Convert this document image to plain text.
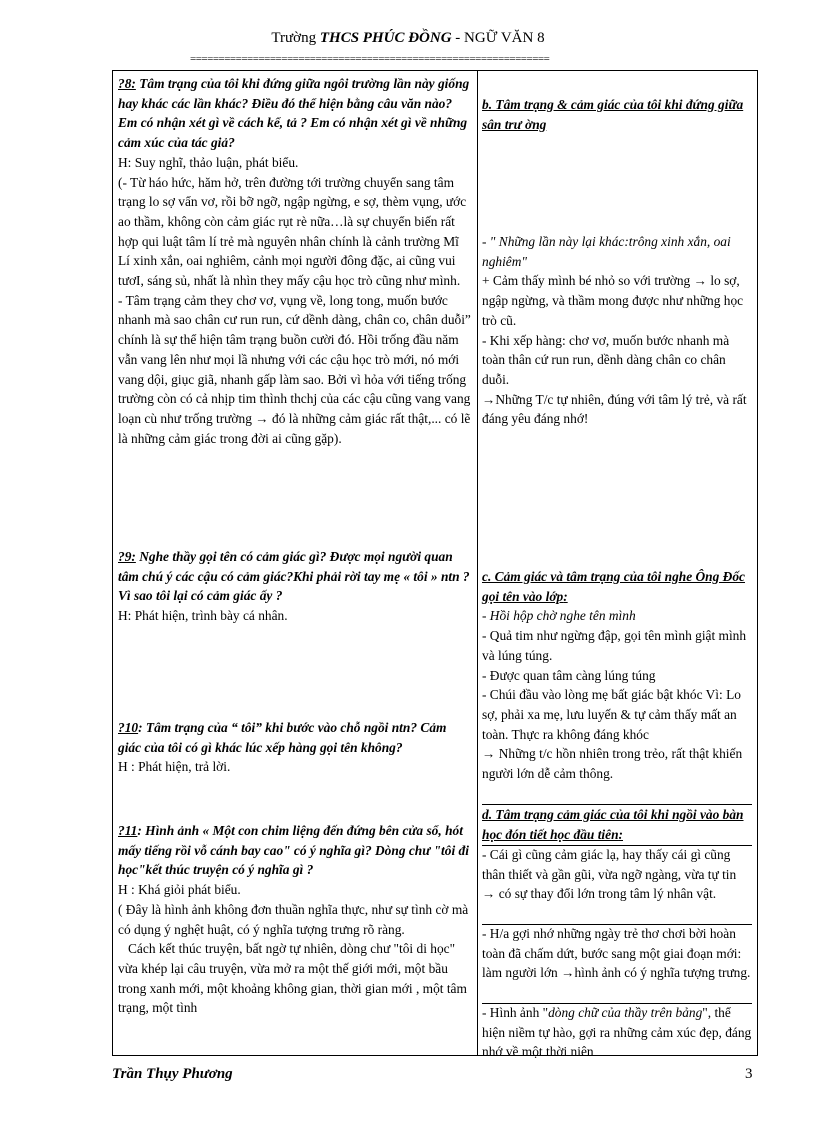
Trường THCS PHÚC ĐỒNG - NGỮ VĂN 8
===============================================================
?8: Tâm trạng của tôi khi đứng giữa ngôi trường lần này giống hay khác các lần khác? Điều đó thể hiện bằng câu văn nào? Em có nhận xét gì về cách kể, tả ? Em có nhận xét gì về những cảm xúc của tác giả?
H: Suy nghĩ, thảo luận, phát biểu.
(- Từ háo hức, hăm hở, trên đường tới trường chuyển sang tâm trạng lo sợ vẩn vơ, rồi bỡ ngỡ, ngập ngừng, e sợ, thèm vụng, ước ao thầm, không còn cảm giác rụt rè nữa…là sự chuyển biến rất hợp qui luật tâm lí trẻ mà nguyên nhân chính là cảnh trường Mĩ Lí xinh xắn, oai nghiêm, cảnh mọi người đông đặc, ai cũng vui tươI, sáng sủ, nhất là nhìn they mấy cậu học trò cũng như mình.
- Tâm trạng cảm they chơ vơ, vụng về, long tong, muốn bước nhanh mà sao chân cư run run, cứ dềnh dàng, chân co, chân duỗi” chính là sự thể hiện tâm trạng buồn cười đó. Hồi trống đầu năm vẫn vang lên như mọi lầ nhưng với các cậu học trò mới, nó mới vang dội, giục giã, nhanh gấp làm sao. Bởi vì hỏa với tiếng trống trường còn có cả nhịp tim thình thchj của các cậu cũng vang vang loạn cù như trống trường → đó là những cảm giác rất thật,... có lẽ là những cảm giác trong đời ai cũng gặp).
?9: Nghe thầy gọi tên có cảm giác gì? Được mọi người quan tâm chú ý các cậu có cảm giác?Khi phải rời tay mẹ « tôi » ntn ? Vì sao tôi lại có cảm giác ấy ?
H: Phát hiện, trình bày cá nhân.
?10: Tâm trạng của “ tôi” khi bước vào chỗ ngồi ntn? Cảm giác của tôi có gì khác lúc xếp hàng gọi tên không?
H : Phát hiện, trả lời.
?11: Hình ảnh « Một con chim liệng đến đứng bên cửa sổ, hót mấy tiếng rồi vỗ cánh bay cao" có ý nghĩa gì? Dòng chư "tôi đi học"kết thúc truyện có ý nghĩa gì ?
H : Khá giỏi phát biểu.
( Đây là hình ảnh không đơn thuần nghĩa thực, như sự tình cờ mà có dụng ý nghệt huật, có ý nghĩa tượng trưng rõ ràng.
Cách kết thúc truyện, bất ngờ tự nhiên, dòng chư "tôi di học" vừa khép lại câu truyện, vừa mở ra một thế giới mới, một bầu trong xanh mới, một khoảng không gian, thời gian mới , một tâm trạng, một tình
b. Tâm trạng & cảm giác của tôi khi đứng giữa sân trư ờng
- " Những lần này lại khác:trông xinh xắn, oai nghiêm"
+ Cảm thấy mình bé nhỏ so với trường → lo sợ, ngập ngừng, và thầm mong được như những học trò cũ.
- Khi xếp hàng: chơ vơ, muốn bước nhanh mà toàn thân cứ run run, dềnh dàng chân co chân duỗi.
→Những T/c tự nhiên, đúng với tâm lý trẻ, và rất đáng yêu đáng nhớ!
c. Cảm giác và tâm trạng của tôi nghe Ông Đốc gọi tên vào lớp:
- Hồi hộp chờ nghe tên mình
- Quả tim như ngừng đập, gọi tên mình giật mình và lúng túng.
- Được quan tâm càng lúng túng
- Chúi đầu vào lòng mẹ bất giác bật khóc Vì: Lo sợ, phải xa mẹ, lưu luyến & tự cảm thấy mất an toàn. Thực ra không đáng khóc
→ Những t/c hồn nhiên trong trẻo, rất thật khiến người lớn dễ cảm thông.
d. Tâm trạng cảm giác của tôi khi ngồi vào bàn học đón tiết học đầu tiên:
- Cái gì cũng cảm giác lạ, hay thấy cái gì cũng thân thiết và gần gũi, vừa ngỡ ngàng, vừa tự tin → có sự thay đổi lớn trong tâm lý nhân vật.
- H/a gợi nhớ những ngày trẻ thơ chơi bời hoàn toàn đã chấm dứt, bước sang một giai đoạn mới: làm người lớn →hình ảnh có ý nghĩa tượng trưng.
- Hình ảnh "dòng chữ của thầy trên bảng", thể hiện niềm tự hào, gợi ra những cảm xúc đẹp, đáng nhớ về một thời niên
Trần Thụy Phương	3
